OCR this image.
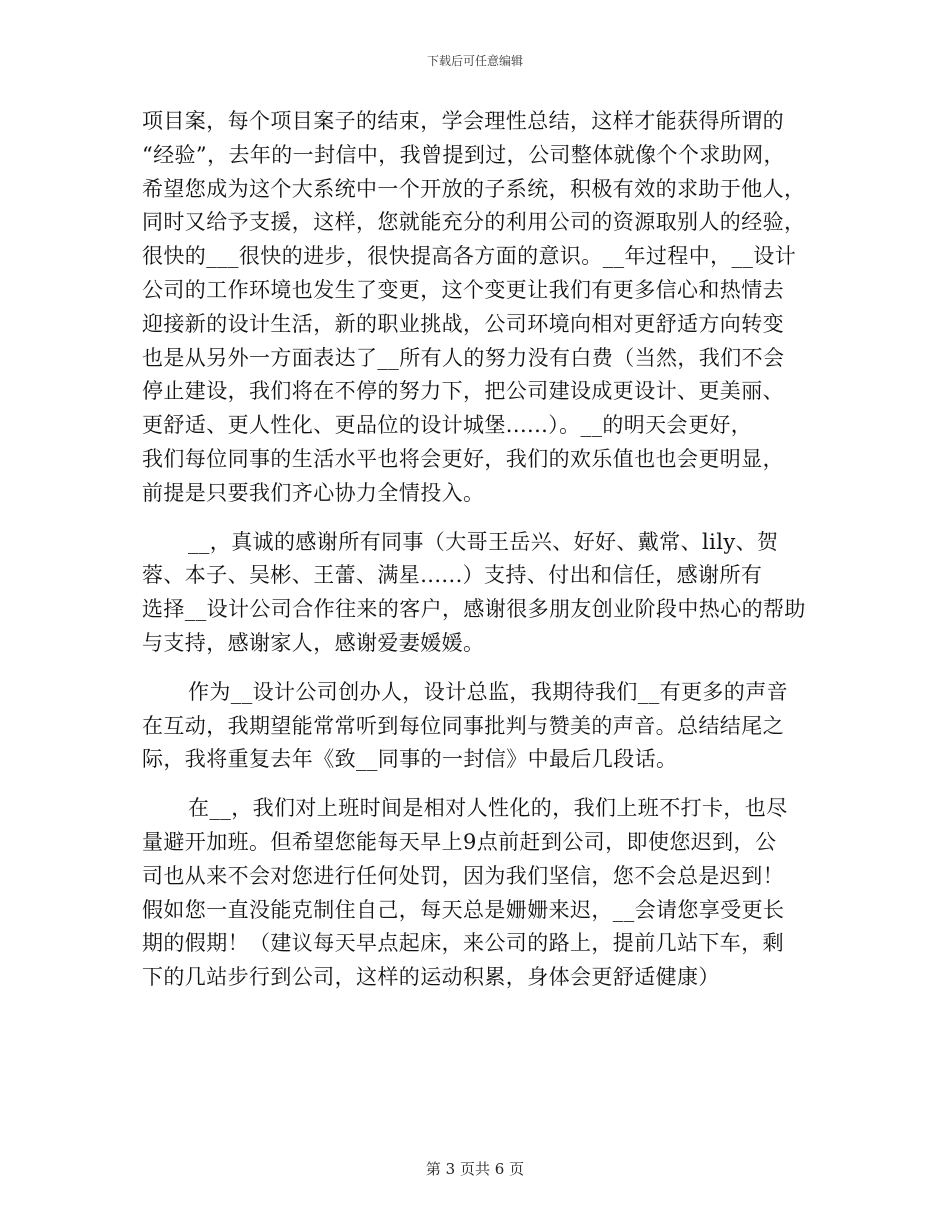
下载后可任意编辑
项目案，每个项目案子的结束，学会理性总结，这样才能获得所谓的
“经验”，去年的一封信中，我曾提到过，公司整体就像个个求助网，
希望您成为这个大系统中一个开放的子系统，积极有效的求助于他人，
同时又给予支援，这样，您就能充分的利用公司的资源取别人的经验，
很快的___很快的进步，很快提高各方面的意识。__年过程中，__设计
公司的工作环境也发生了变更，这个变更让我们有更多信心和热情去
迎接新的设计生活，新的职业挑战，公司环境向相对更舒适方向转变
也是从另外一方面表达了__所有人的努力没有白费（当然，我们不会
停止建设，我们将在不停的努力下，把公司建设成更设计、更美丽、
更舒适、更人性化、更品位的设计城堡......）。__的明天会更好，
我们每位同事的生活水平也将会更好，我们的欢乐值也也会更明显，
前提是只要我们齐心协力全情投入。
__，真诚的感谢所有同事（大哥王岳兴、好好、戴常、lily、贺
蓉、本子、吴彬、王蕾、满星......）支持、付出和信任，感谢所有
选择__设计公司合作往来的客户，感谢很多朋友创业阶段中热心的帮助
与支持，感谢家人，感谢爱妻媛媛。
作为__设计公司创办人，设计总监，我期待我们__有更多的声音
在互动，我期望能常常听到每位同事批判与赞美的声音。总结结尾之
际，我将重复去年《致__同事的一封信》中最后几段话。
在__，我们对上班时间是相对人性化的，我们上班不打卡，也尽
量避开加班。但希望您能每天早上9点前赶到公司，即使您迟到，公
司也从来不会对您进行任何处罚，因为我们坚信，您不会总是迟到！
假如您一直没能克制住自己，每天总是姗姗来迟，__会请您享受更长
期的假期！（建议每天早点起床，来公司的路上，提前几站下车，剩
下的几站步行到公司，这样的运动积累，身体会更舒适健康）
第 3 页共 6 页
